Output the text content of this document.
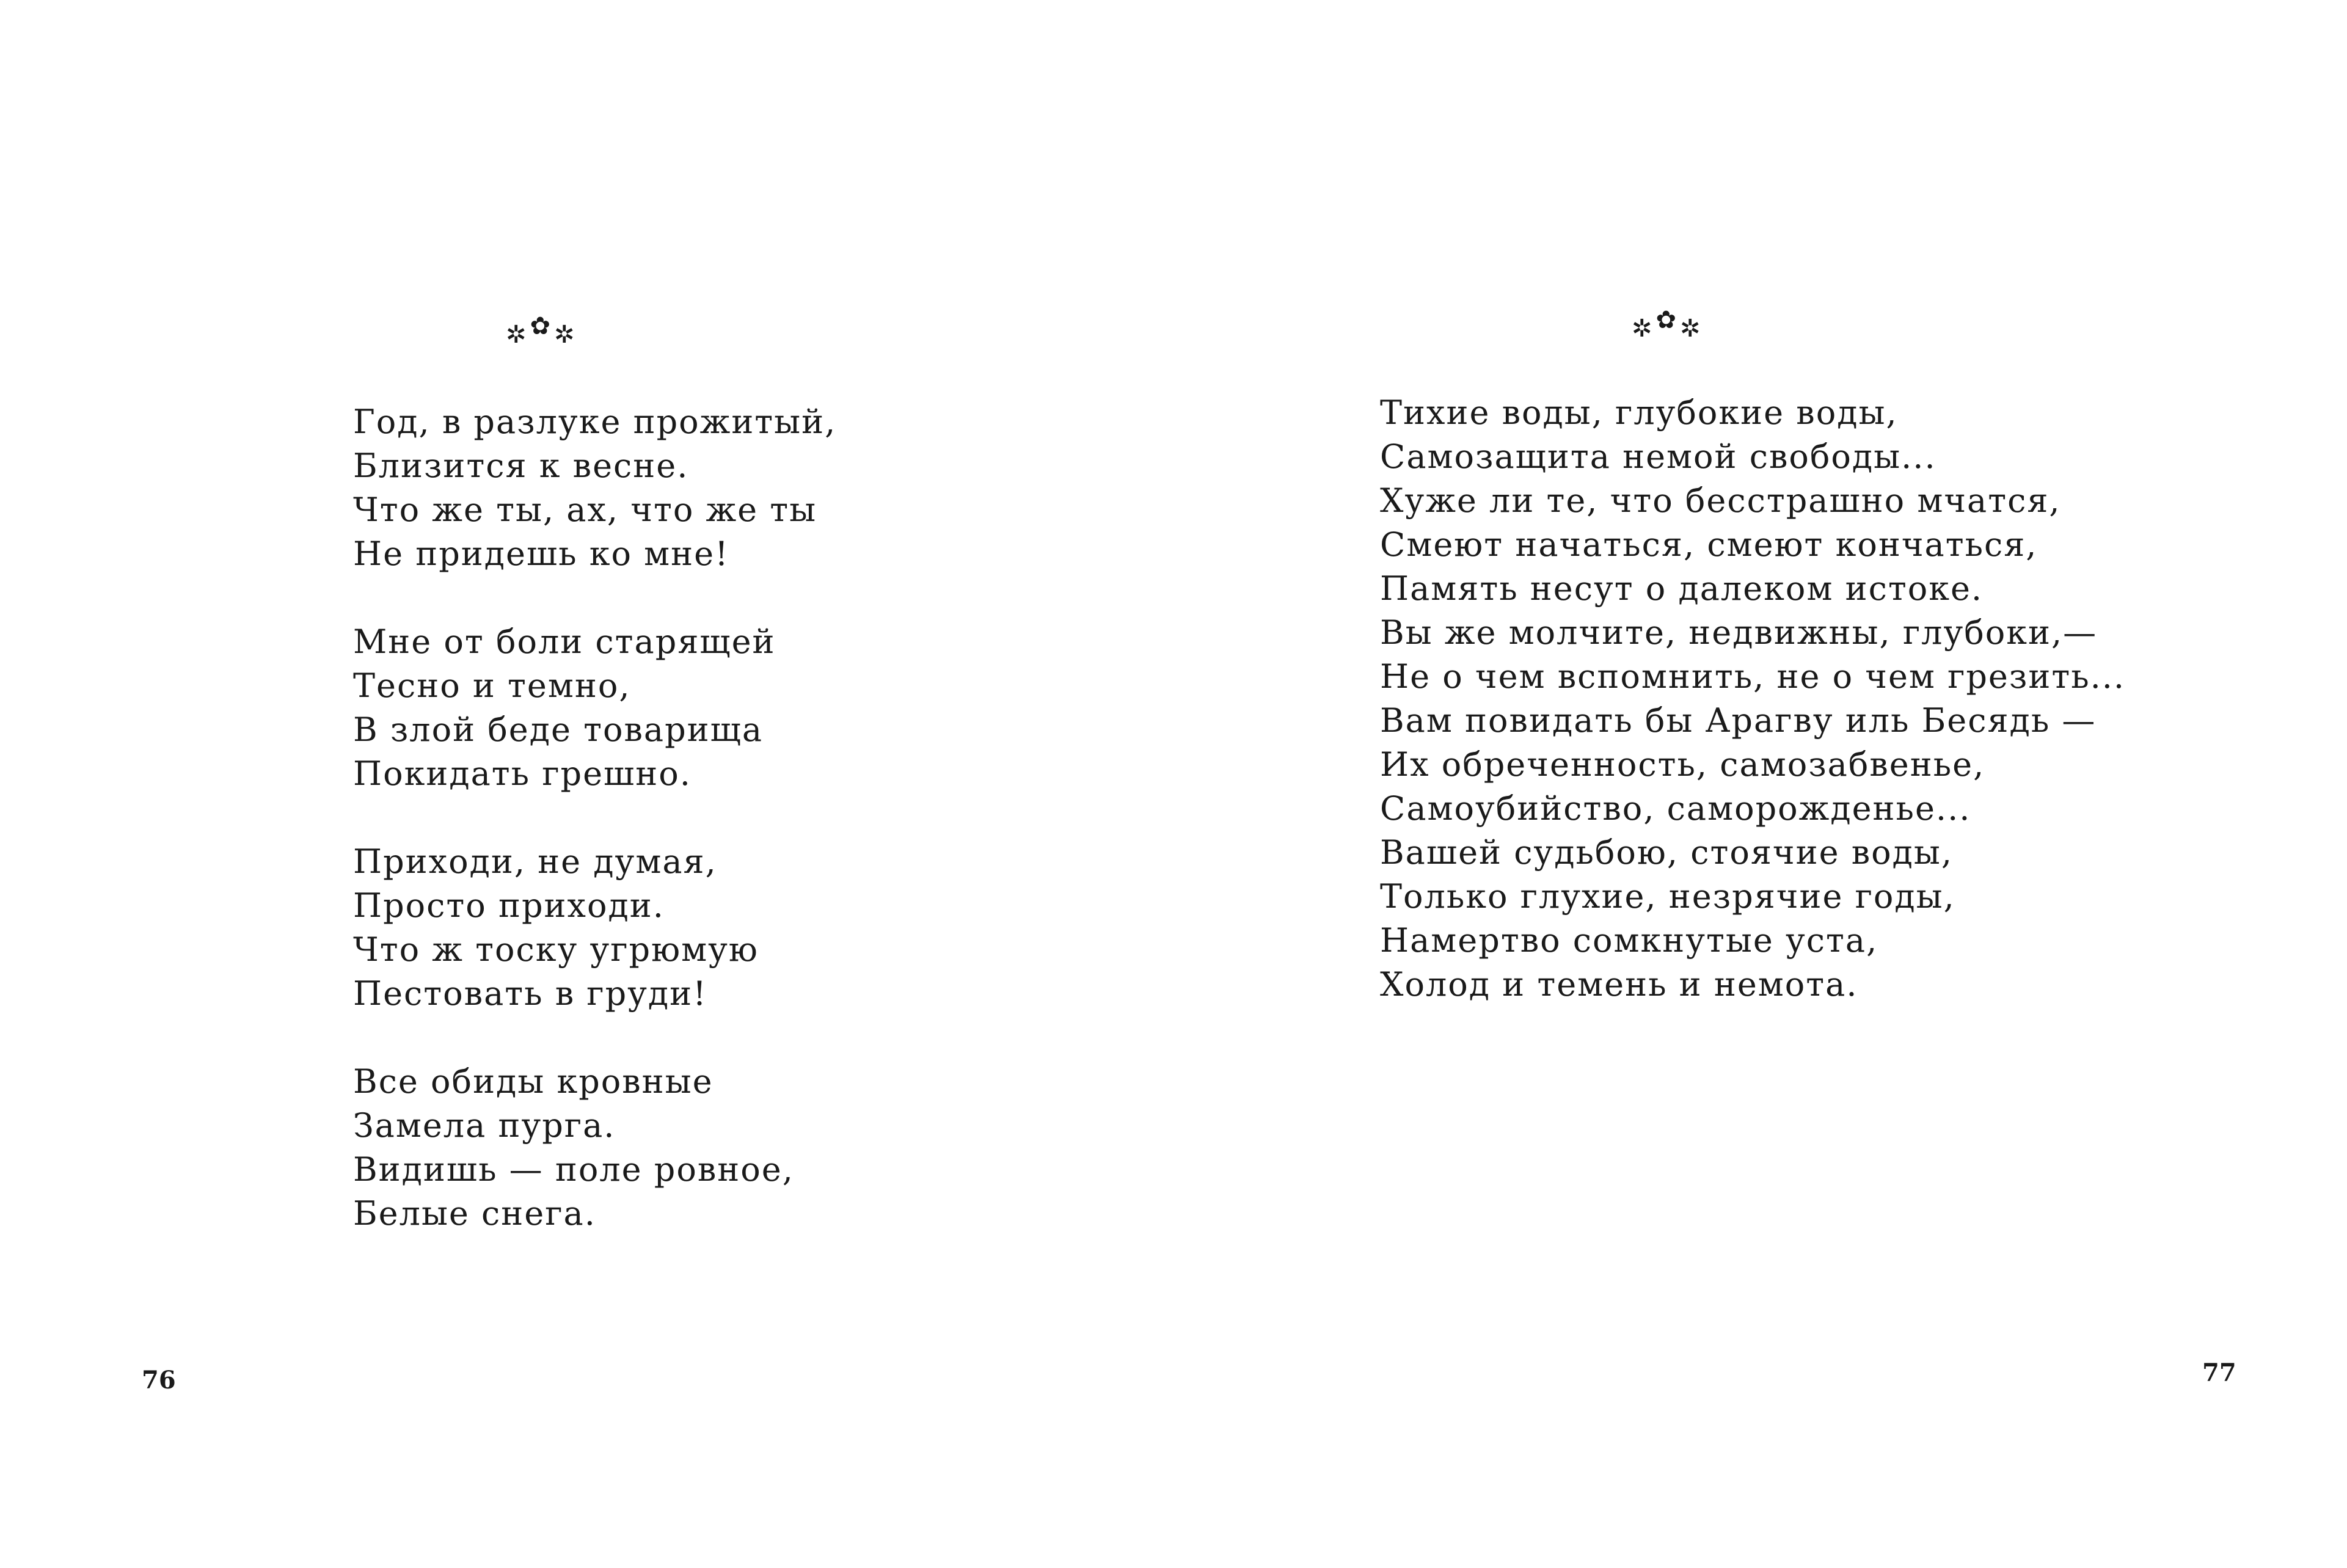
✲✿✲
Год, в разлуке прожитый,
Близится к весне.
Что же ты, ах, что же ты
Не придешь ко мне!
Мне от боли старящей
Тесно и темно,
В злой беде товарища
Покидать грешно.
Приходи, не думая,
Просто приходи.
Что ж тоску угрюмую
Пестовать в груди!
Все обиды кровные
Замела пурга.
Видишь — поле ровное,
Белые снега.
76
✲✿✲
Тихие воды, глубокие воды,
Самозащита немой свободы...
Хуже ли те, что бесстрашно мчатся,
Смеют начаться, смеют кончаться,
Память несут о далеком истоке.
Вы же молчите, недвижны, глубоки,—
Не о чем вспомнить, не о чем грезить...
Вам повидать бы Арагву иль Бесядь —
Их обреченность, самозабвенье,
Самоубийство, саморожденье...
Вашей судьбою, стоячие воды,
Только глухие, незрячие годы,
Намертво сомкнутые уста,
Холод и темень и немота.
77
